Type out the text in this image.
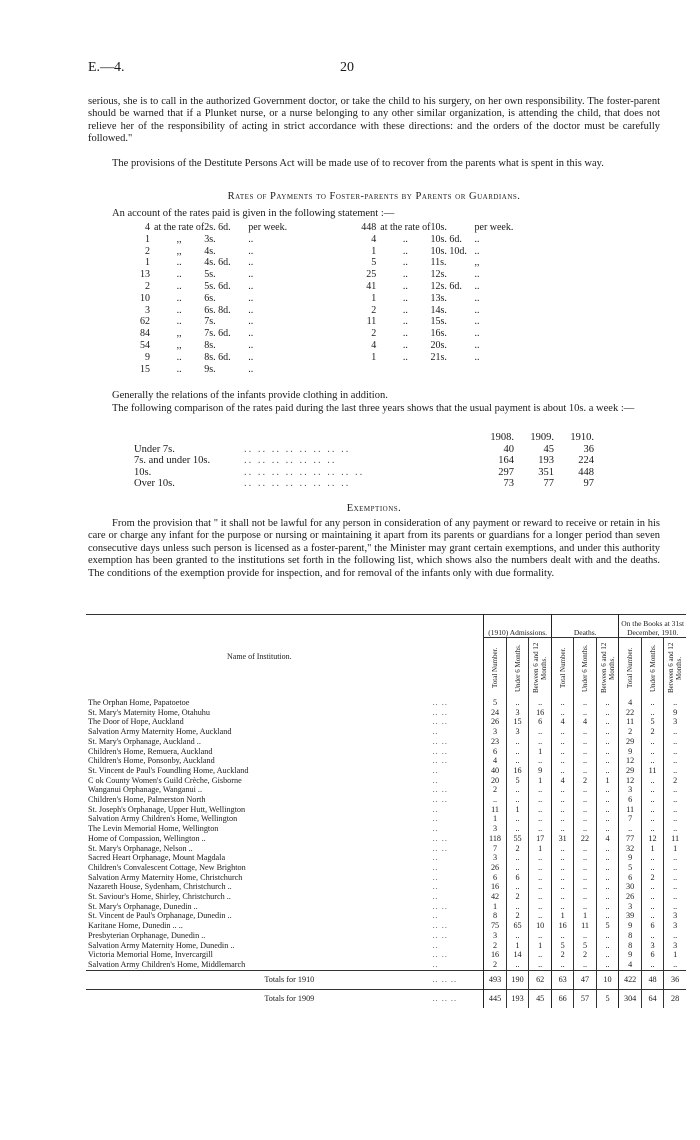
E.—4.	20
serious, she is to call in the authorized Government doctor, or take the child to his surgery, on her own responsibility. The foster-parent should be warned that if a Plunket nurse, or a nurse belonging to any other similar organization, is attending the child, that does not relieve her of the responsibility of acting in strict accordance with these directions: and the orders of the doctor must be carefully followed."
The provisions of the Destitute Persons Act will be made use of to recover from the parents what is spent in this way.
Rates of Payments to Foster-parents by Parents or Guardians.
An account of the rates paid is given in the following statement :—
4	at the rate of	2s. 6d.	per week.	448	at the rate of	10s.	per week.
1	,,	3s.	..	4	..	10s. 6d.	..
2	,,	4s.	..	1	..	10s. 10d.	..
1	..	4s. 6d.	..	5	..	11s.	,,
13	..	5s.	..	25	..	12s.	..
2	..	5s. 6d.	..	41	..	12s. 6d.	..
10	..	6s.	..	1	..	13s.	..
3	..	6s. 8d.	..	2	..	14s.	..
62	..	7s.	..	11	..	15s.	..
84	,,	7s. 6d.	..	2	..	16s.	..
54	,,	8s.	..	4	..	20s.	..
9	..	8s. 6d.	..	1	..	21s.	..
15	..	9s.	..				
Generally the relations of the infants provide clothing in addition.
The following comparison of the rates paid during the last three years shows that the usual payment is about 10s. a week :—
		1908.	1909.	1910.
Under 7s.	.. .. .. .. .. .. .. ..	40	45	36
7s. and under 10s.	.. .. .. .. .. .. ..	164	193	224
10s.	.. .. .. .. .. .. .. .. ..	297	351	448
Over 10s.	.. .. .. .. .. .. .. ..	73	77	97
Exemptions.
From the provision that " it shall not be lawful for any person in consideration of any payment or reward to receive or retain in his care or charge any infant for the purpose or nursing or maintaining it apart from its parents or guardians for a longer period than seven consecutive days unless such person is licensed as a foster-parent," the Minister may grant certain exemptions, and under this authority exemption has been granted to the institutions set forth in the following list, which shows also the numbers dealt with and the deaths. The conditions of the exemption provide for inspection, and for removal of the infants only with due formality.
Name of Institution.		(1910) Admissions.			Deaths.			On the Books at 31st December, 1910.		

		Total Number.	Under 6 Months.	Between 6 and 12 Months.	Total Number.	Under 6 Months.	Between 6 and 12 Months.	Total Number.	Under 6 Months.	Between 6 and 12 Months.

The Orphan Home, Papatoetoe	.. ..	5	..	..	..	..	..	4	..	..
St. Mary's Maternity Home, Otahuhu	.. ..	24	3	16	..	..	..	22	..	9
The Door of Hope, Auckland	.. ..	26	15	6	4	4	..	11	5	3
Salvation Army Maternity Home, Auckland	..	3	3	..	..	..	..	2	2	..
St. Mary's Orphanage, Auckland ..	.. ..	23	..	..	..	..	..	29	..	..
Children's Home, Remuera, Auckland	.. ..	6	..	1	..	..	..	9	..	..
Children's Home, Ponsonby, Auckland	.. ..	4	..	..	..	..	..	12	..	..
St. Vincent de Paul's Foundling Home, Auckland	..	40	16	9	..	..	..	29	11	..
C ok County Women's Guild Crèche, Gisborne	..	20	5	1	4	2	1	12	..	2
Wanganui Orphanage, Wanganui ..	.. ..	2	..	..	..	..	..	3	..	..
Children's Home, Palmerston North	.. ..	..	..	..	..	..	..	6	..	..
St. Joseph's Orphanage, Upper Hutt, Wellington	..	11	1	..	..	..	..	11	..	..
Salvation Army Children's Home, Wellington	..	1	..	..	..	..	..	7	..	..
The Levin Memorial Home, Wellington	..	3	..	..	..	..	..	..	..	..
Home of Compassion, Wellington ..	.. ..	118	55	17	31	22	4	77	12	11
St. Mary's Orphanage, Nelson ..	.. ..	7	2	1	..	..	..	32	1	1
Sacred Heart Orphanage, Mount Magdala	..	3	..	..	..	..	..	9	..	..
Children's Convalescent Cottage, New Brighton	..	26	..	..	..	..	..	5	..	..
Salvation Army Maternity Home, Christchurch	..	6	6	..	..	..	..	6	2	..
Nazareth House, Sydenham, Christchurch ..	..	16	..	..	..	..	..	30	..	..
St. Saviour's Home, Shirley, Christchurch ..	..	42	2	..	..	..	..	26	..	..
St. Mary's Orphanage, Dunedin ..	.. ..	1	..	..	..	..	..	3	..	..
St. Vincent de Paul's Orphanage, Dunedin ..	..	8	2	..	1	1	..	39	..	3
Karitane Home, Dunedin .. ..	.. ..	75	65	10	16	11	5	9	6	3
Presbyterian Orphanage, Dunedin ..	.. ..	3	..	..	..	..	..	8	..	..
Salvation Army Maternity Home, Dunedin ..	..	2	1	1	5	5	..	8	3	3
Victoria Memorial Home, Invercargill	.. ..	16	14	..	2	2	..	9	6	1
Salvation Army Children's Home, Middlemarch	..	2	..	..	..	..	..	4	..	..
Totals for 1910	.. .. ..	493	190	62	63	47	10	422	48	36
Totals for 1909	.. .. ..	445	193	45	66	57	5	304	64	28
